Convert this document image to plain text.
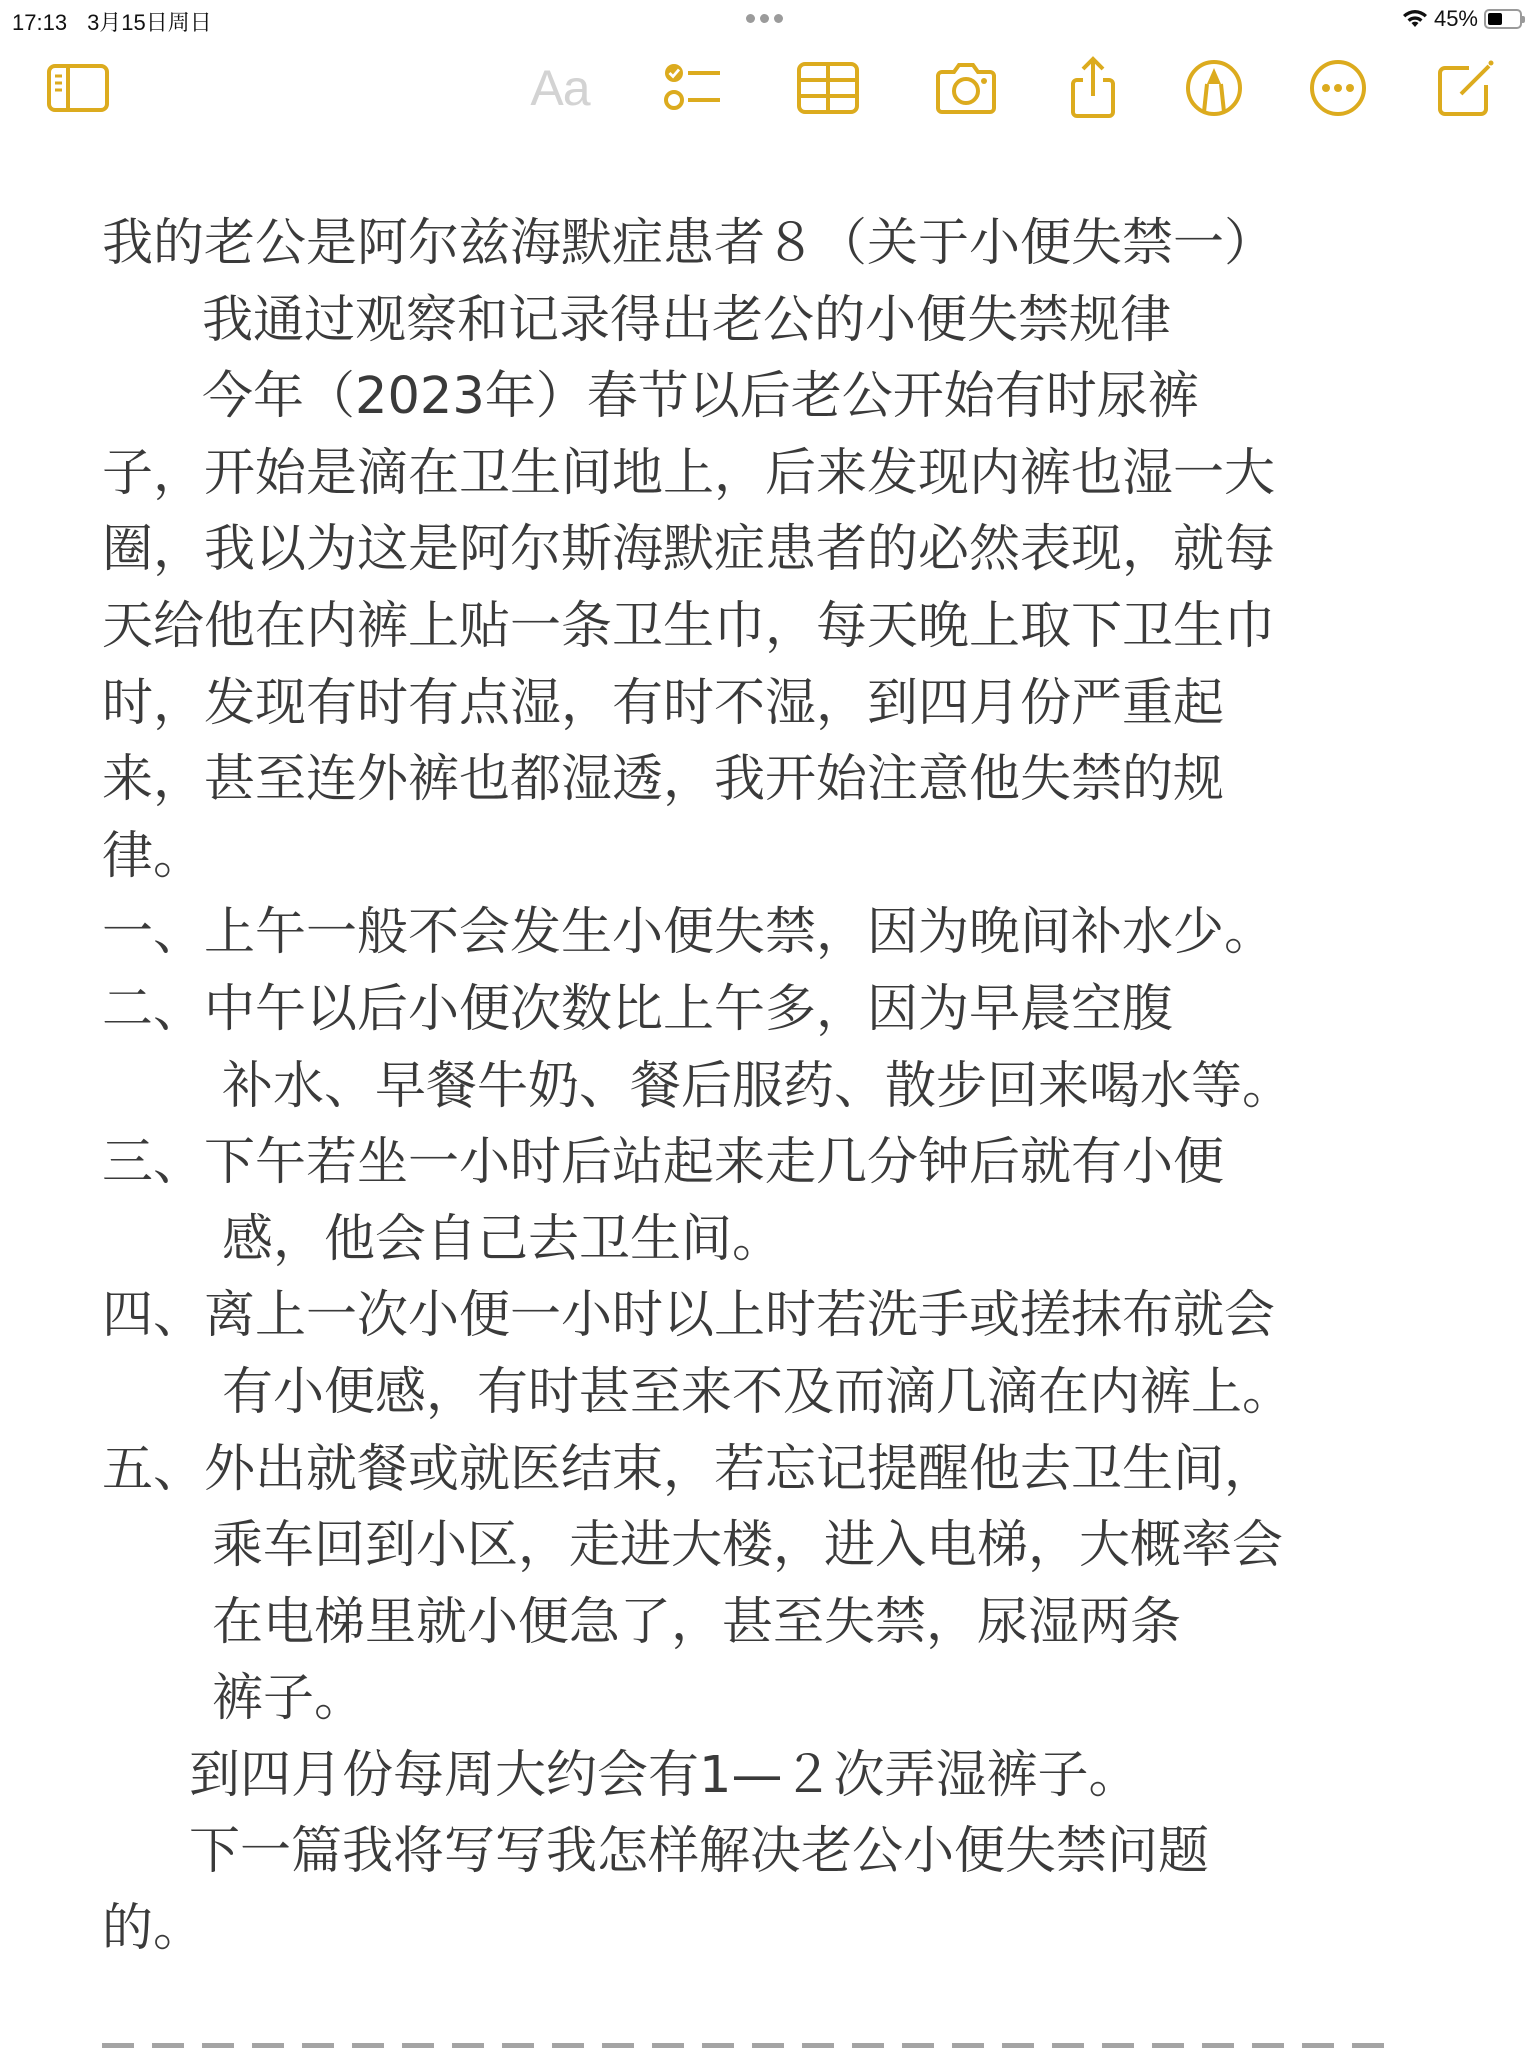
17:13 3月15日周日	45%
Aa
我的老公是阿尔兹海默症患者８（关于小便失禁一）
我通过观察和记录得出老公的小便失禁规律
今年（2023年）春节以后老公开始有时尿裤
子，开始是滴在卫生间地上，后来发现内裤也湿一大
圈，我以为这是阿尔斯海默症患者的必然表现，就每
天给他在内裤上贴一条卫生巾，每天晚上取下卫生巾
时，发现有时有点湿，有时不湿，到四月份严重起
来，甚至连外裤也都湿透，我开始注意他失禁的规
律。
一、上午一般不会发生小便失禁，因为晚间补水少。
二、中午以后小便次数比上午多，因为早晨空腹
补水、早餐牛奶、餐后服药、散步回来喝水等。
三、下午若坐一小时后站起来走几分钟后就有小便
感，他会自己去卫生间。
四、离上一次小便一小时以上时若洗手或搓抹布就会
有小便感，有时甚至来不及而滴几滴在内裤上。
五、外出就餐或就医结束，若忘记提醒他去卫生间，
乘车回到小区，走进大楼，进入电梯，大概率会
在电梯里就小便急了，甚至失禁，尿湿两条
裤子。
到四月份每周大约会有1—２次弄湿裤子。
下一篇我将写写我怎样解决老公小便失禁问题
的。
